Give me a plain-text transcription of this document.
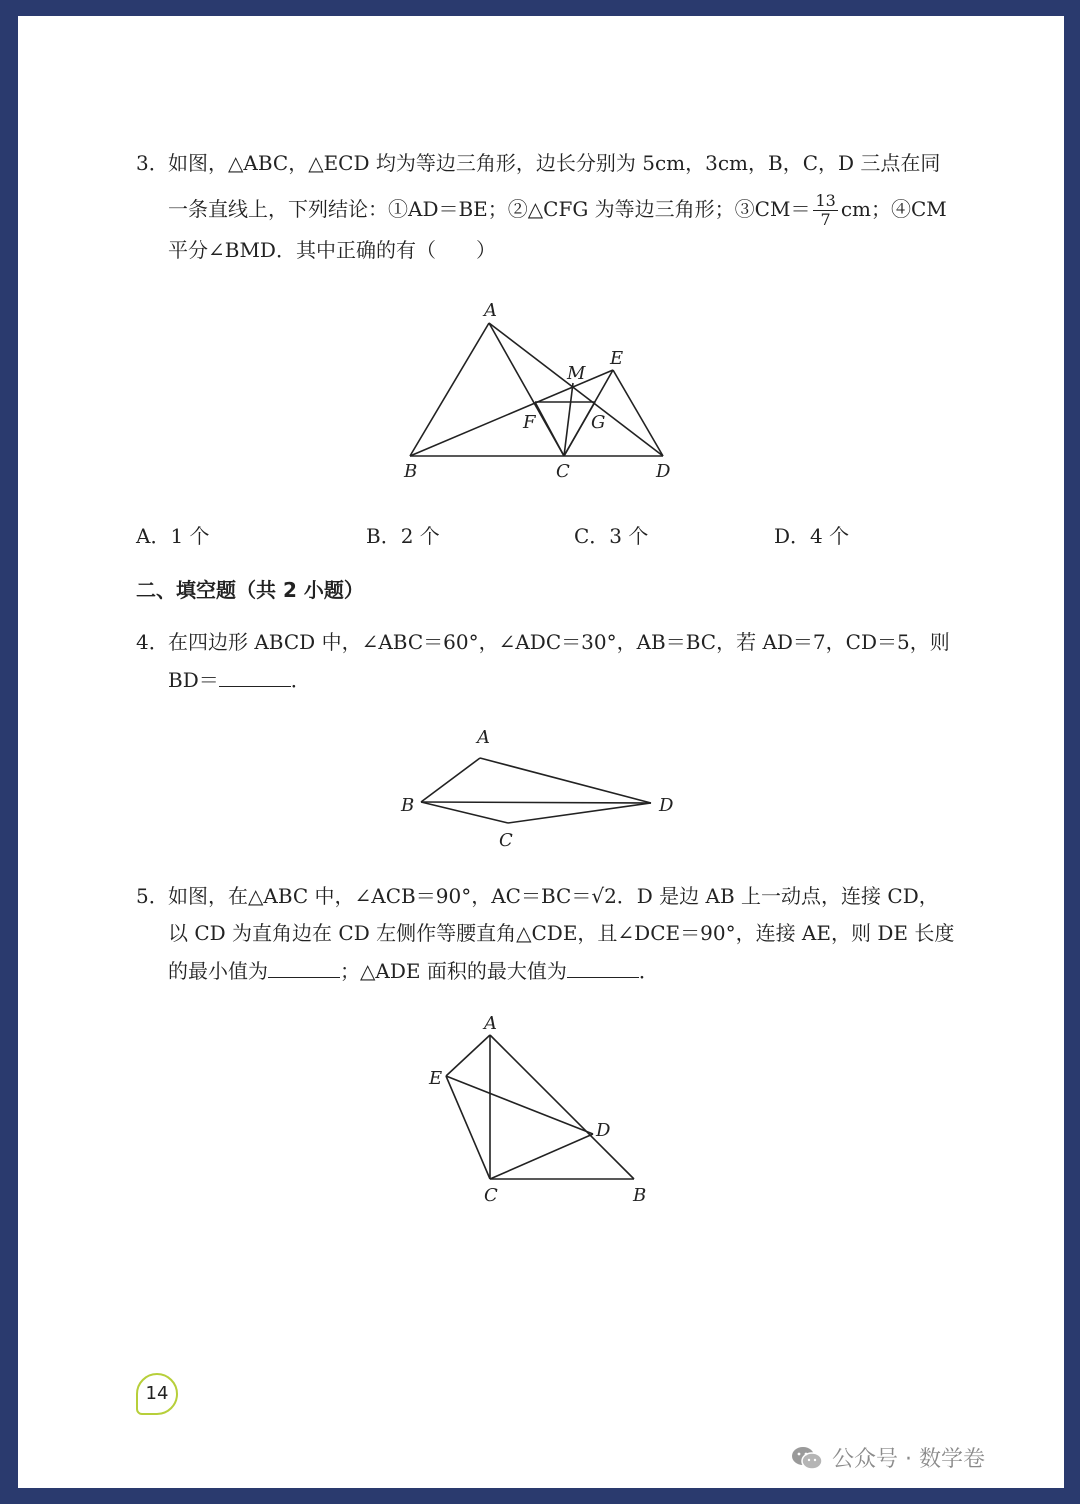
3． 如图，△ABC，△ECD 均为等边三角形，边长分别为 5cm，3cm，B，C，D 三点在同
一条直线上，下列结论：①AD＝BE；②△CFG 为等边三角形；③CM＝ $\frac{13}{7}$ cm；④CM
平分∠BMD．其中正确的有（　　）
A
B	C	D
E
F	G
M
A．1 个	B．2 个	C．3 个	D．4 个
二、填空题（共 2 小题）
4． 在四边形 ABCD 中，∠ABC＝60°，∠ADC＝30°，AB＝BC，若 AD＝7，CD＝5，则
BD＝	．
A
B
C
D
5． 如图，在△ABC 中，∠ACB＝90°，AC＝BC＝√2．D 是边 AB 上一动点，连接 CD，
以 CD 为直角边在 CD 左侧作等腰直角△CDE，且∠DCE＝90°，连接 AE，则 DE 长度
的最小值为	；△ADE 面积的最大值为	．
A
B
C
D
E
14
公众号 · 数学卷
